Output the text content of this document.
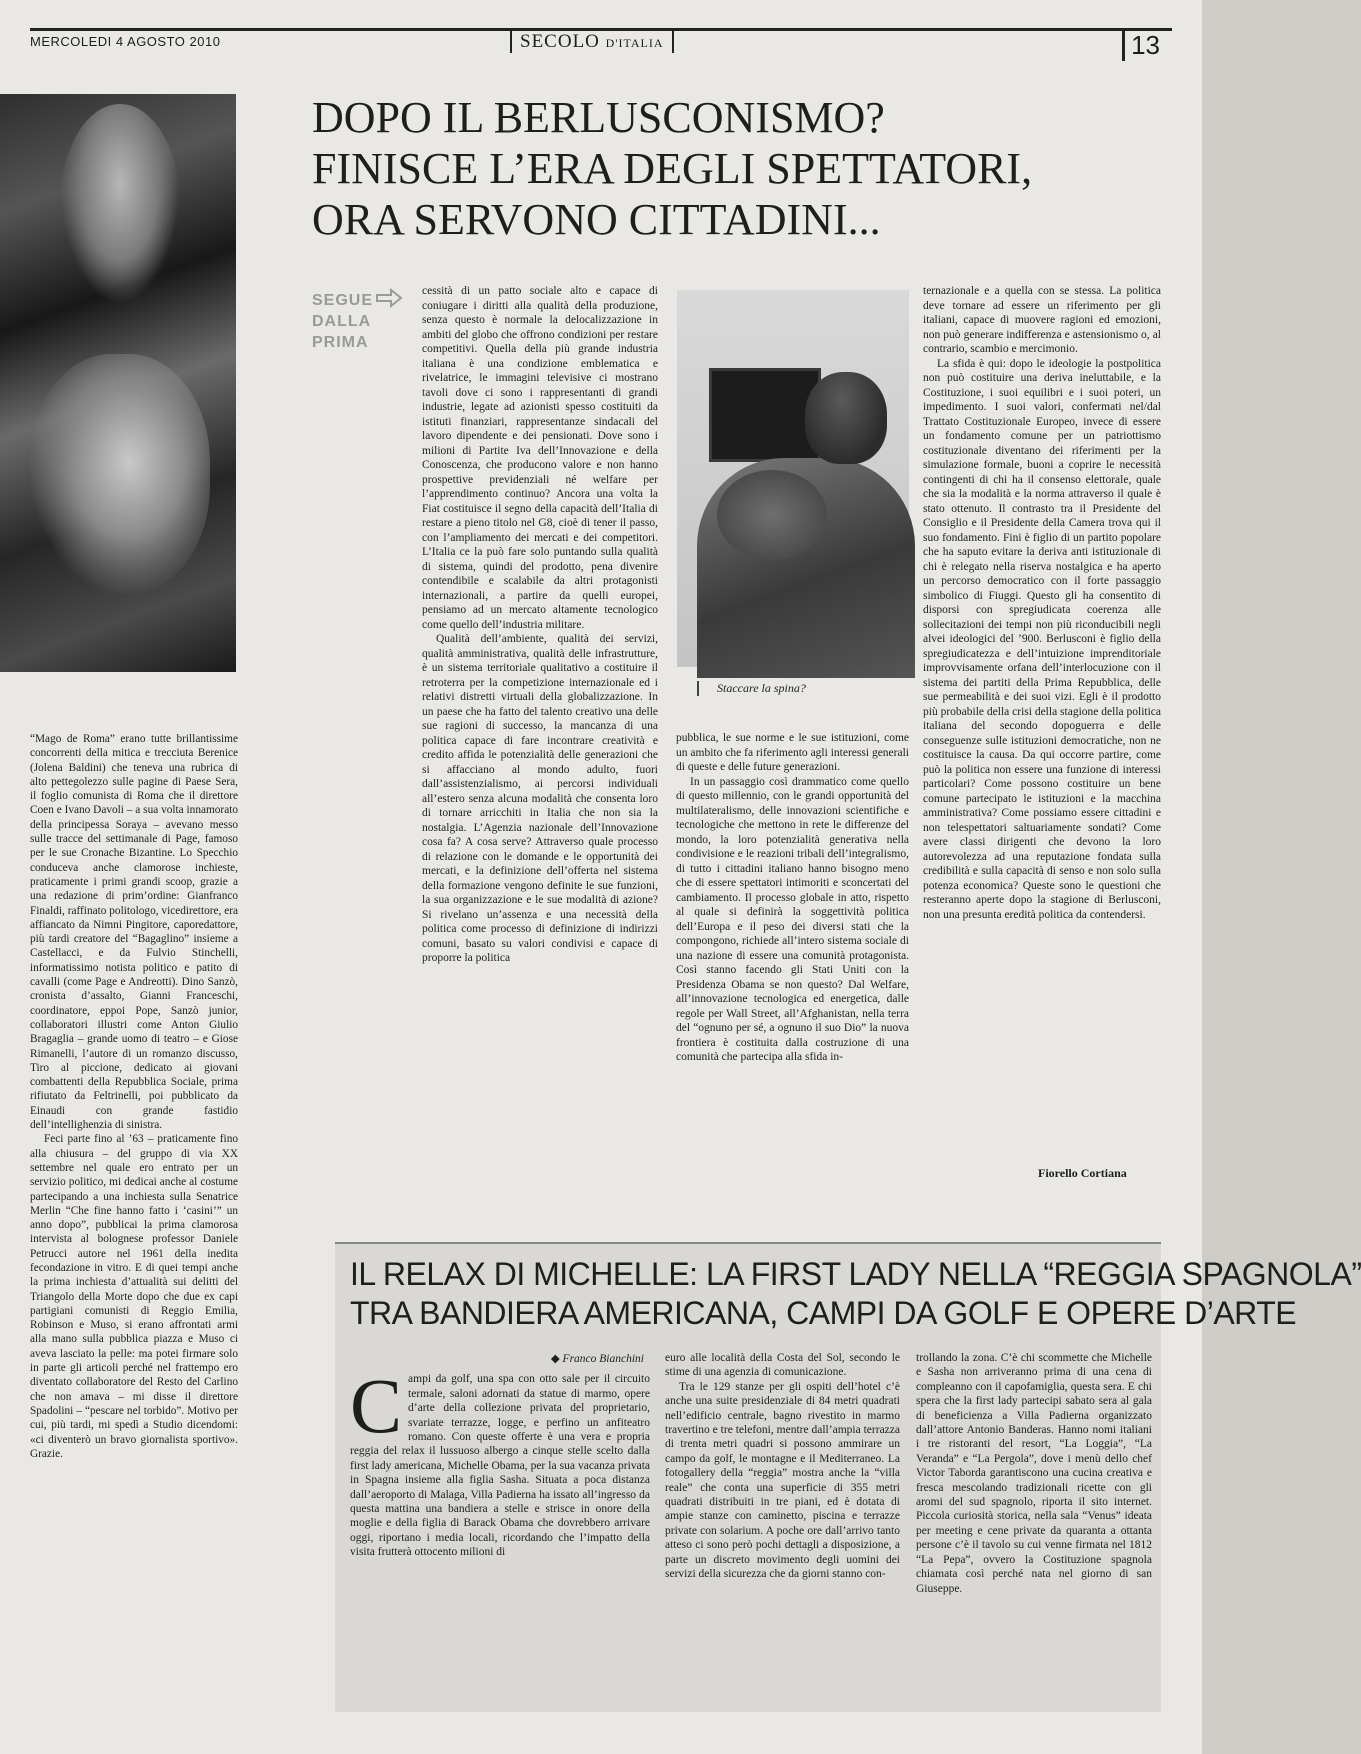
MERCOLEDI 4 AGOSTO 2010	SECOLO D'ITALIA	13
DOPO IL BERLUSCONISMO?
FINISCE L’ERA DEGLI SPETTATORI,
ORA SERVONO CITTADINI...
SEGUE DALLA PRIMA

cessità di un patto sociale alto e capace di coniugare i diritti alla qualità della produzione, senza questo è normale la delocalizzazione in ambiti del globo che offrono condizioni per restare competitivi. Quella della più grande industria italiana è una condizione emblematica e rivelatrice, le immagini televisive ci mostrano tavoli dove ci sono i rappresentanti di grandi industrie, legate ad azionisti spesso costituiti da istituti finanziari, rappresentanze sindacali del lavoro dipendente e dei pensionati. Dove sono i milioni di Partite Iva dell’Innovazione e della Conoscenza, che producono valore e non hanno prospettive previdenziali né welfare per l’apprendimento continuo? Ancora una volta la Fiat costituisce il segno della capacità dell’Italia di restare a pieno titolo nel G8, cioè di tener il passo, con l’ampliamento dei mercati e dei competitori. L’Italia ce la può fare solo puntando sulla qualità di sistema, quindi del prodotto, pena divenire contendibile e scalabile da altri protagonisti internazionali, a partire da quelli europei, pensiamo ad un mercato altamente tecnologico come quello dell’industria militare.

Qualità dell’ambiente, qualità dei servizi, qualità amministrativa, qualità delle infrastrutture, è un sistema territoriale qualitativo a costituire il retroterra per la competizione internazionale ed i relativi distretti virtuali della globalizzazione. In un paese che ha fatto del talento creativo una delle sue ragioni di successo, la mancanza di una politica capace di fare incontrare creatività e credito affida le potenzialità delle generazioni che si affacciano al mondo adulto, fuori dall’assistenzialismo, ai percorsi individuali all’estero senza alcuna modalità che consenta loro di tornare arricchiti in Italia che non sia la nostalgia. L’Agenzia nazionale dell’Innovazione cosa fa? A cosa serve? Attraverso quale processo di relazione con le domande e le opportunità dei mercati, e la definizione dell’offerta nel sistema della formazione vengono definite le sue funzioni, la sua organizzazione e le sue modalità di azione? Si rivelano un’assenza e una necessità della politica come processo di definizione di indirizzi comuni, basato su valori condivisi e capace di proporre la politica

Staccare la spina?

pubblica, le sue norme e le sue istituzioni, come un ambito che fa riferimento agli interessi generali di queste e delle future generazioni.

In un passaggio così drammatico come quello di questo millennio, con le grandi opportunità del multilateralismo, delle innovazioni scientifiche e tecnologiche che mettono in rete le differenze del mondo, la loro potenzialità generativa nella condivisione e le reazioni tribali dell’integralismo, di tutto i cittadini italiano hanno bisogno meno che di essere spettatori intimoriti e sconcertati del cambiamento. Il processo globale in atto, rispetto al quale si definirà la soggettività politica dell’Europa e il peso dei diversi stati che la compongono, richiede all’intero sistema sociale di una nazione di essere una comunità protagonista. Così stanno facendo gli Stati Uniti con la Presidenza Obama se non questo? Dal Welfare, all’innovazione tecnologica ed energetica, dalle regole per Wall Street, all’Afghanistan, nella terra del “ognuno per sé, a ognuno il suo Dio” la nuova frontiera è costituita dalla costruzione di una comunità che partecipa alla sfida in-

ternazionale e a quella con se stessa. La politica deve tornare ad essere un riferimento per gli italiani, capace di muovere ragioni ed emozioni, non può generare indifferenza e astensionismo o, al contrario, scambio e mercimonio.

La sfida è qui: dopo le ideologie la postpolitica non può costituire una deriva ineluttabile, e la Costituzione, i suoi equilibri e i suoi poteri, un impedimento. I suoi valori, confermati nel/dal Trattato Costituzionale Europeo, invece di essere un fondamento comune per un patriottismo costituzionale diventano dei riferimenti per la simulazione formale, buoni a coprire le necessità contingenti di chi ha il consenso elettorale, quale che sia la modalità e la norma attraverso il quale è stato ottenuto. Il contrasto tra il Presidente del Consiglio e il Presidente della Camera trova qui il suo fondamento. Fini è figlio di un partito popolare che ha saputo evitare la deriva anti istituzionale di chi è relegato nella riserva nostalgica e ha aperto un percorso democratico con il forte passaggio simbolico di Fiuggi. Questo gli ha consentito di disporsi con spregiudicata coerenza alle sollecitazioni dei tempi non più riconducibili negli alvei ideologici del ’900. Berlusconi è figlio della spregiudicatezza e dell’intuizione imprenditoriale improvvisamente orfana dell’interlocuzione con il sistema dei partiti della Prima Repubblica, delle sue permeabilità e dei suoi vizi. Egli è il prodotto più probabile della crisi della stagione della politica italiana del secondo dopoguerra e delle conseguenze sulle istituzioni democratiche, non ne costituisce la causa. Da qui occorre partire, come può la politica non essere una funzione di interessi particolari? Come possono costituire un bene comune partecipato le istituzioni e la macchina amministrativa? Come possiamo essere cittadini e non telespettatori saltuariamente sondati? Come avere classi dirigenti che devono la loro autorevolezza ad una reputazione fondata sulla credibilità e sulla capacità di senso e non solo sulla potenza economica? Queste sono le questioni che resteranno aperte dopo la stagione di Berlusconi, non una presunta eredità politica da contendersi.

Fiorello Cortiana

“Mago de Roma” erano tutte brillantissime concorrenti della mitica e trecciuta Berenice (Jolena Baldini) che teneva una rubrica di alto pettegolezzo sulle pagine di Paese Sera, il foglio comunista di Roma che il direttore Coen e Ivano Davoli – a sua volta innamorato della principessa Soraya – avevano messo sulle tracce del settimanale di Page, famoso per le sue Cronache Bizantine. Lo Specchio conduceva anche clamorose inchieste, praticamente i primi grandi scoop, grazie a una redazione di prim’ordine: Gianfranco Finaldi, raffinato politologo, vicedirettore, era affiancato da Nimni Pingitore, caporedattore, più tardi creatore del “Bagaglino” insieme a Castellacci, e da Fulvio Stinchelli, informatissimo notista politico e patito di cavalli (come Page e Andreotti). Dino Sanzò, cronista d’assalto, Gianni Franceschi, coordinatore, eppoi Pope, Sanzò junior, collaboratori illustri come Anton Giulio Bragaglia – grande uomo di teatro – e Giose Rimanelli, l’autore di un romanzo discusso, Tiro al piccione, dedicato ai giovani combattenti della Repubblica Sociale, prima rifiutato da Feltrinelli, poi pubblicato da Einaudi con grande fastidio dell’intellighenzia di sinistra.

Feci parte fino al ’63 – praticamente fino alla chiusura – del gruppo di via XX settembre nel quale ero entrato per un servizio politico, mi dedicai anche al costume partecipando a una inchiesta sulla Senatrice Merlin “Che fine hanno fatto i ‘casini’” un anno dopo”, pubblicai la prima clamorosa intervista al bolognese professor Daniele Petrucci autore nel 1961 della inedita fecondazione in vitro. E di quei tempi anche la prima inchiesta d’attualità sui delitti del Triangolo della Morte dopo che due ex capi partigiani comunisti di Reggio Emilia, Robinson e Muso, si erano affrontati armi alla mano sulla pubblica piazza e Muso ci aveva lasciato la pelle: ma potei firmare solo in parte gli articoli perché nel frattempo ero diventato collaboratore del Resto del Carlino che non amava – mi disse il direttore Spadolini – “pescare nel torbido”. Motivo per cui, più tardi, mi spedì a Studio dicendomi: «ci diventerò un bravo giornalista sportivo». Grazie.

IL RELAX DI MICHELLE: LA FIRST LADY NELLA “REGGIA SPAGNOLA”
TRA BANDIERA AMERICANA, CAMPI DA GOLF E OPERE D’ARTE

◆ Franco Bianchini

Campi da golf, una spa con otto sale per il circuito termale, saloni adornati da statue di marmo, opere d’arte della collezione privata del proprietario, svariate terrazze, logge, e perfino un anfiteatro romano. Con queste offerte è una vera e propria reggia del relax il lussuoso albergo a cinque stelle scelto dalla first lady americana, Michelle Obama, per la sua vacanza privata in Spagna insieme alla figlia Sasha. Situata a poca distanza dall’aeroporto di Malaga, Villa Padierna ha issato all’ingresso da questa mattina una bandiera a stelle e strisce in onore della moglie e della figlia di Barack Obama che dovrebbero arrivare oggi, riportano i media locali, ricordando che l’impatto della visita frutterà ottocento milioni di

euro alle località della Costa del Sol, secondo le stime di una agenzia di comunicazione.

Tra le 129 stanze per gli ospiti dell’hotel c’è anche una suite presidenziale di 84 metri quadrati nell’edificio centrale, bagno rivestito in marmo travertino e tre telefoni, mentre dall’ampia terrazza di trenta metri quadri si possono ammirare un campo da golf, le montagne e il Mediterraneo. La fotogallery della “reggia” mostra anche la “villa reale” che conta una superficie di 355 metri quadrati distribuiti in tre piani, ed è dotata di ampie stanze con caminetto, piscina e terrazze private con solarium. A poche ore dall’arrivo tanto atteso ci sono però pochi dettagli a disposizione, a parte un discreto movimento degli uomini dei servizi della sicurezza che da giorni stanno con-

trollando la zona. C’è chi scommette che Michelle e Sasha non arriveranno prima di una cena di compleanno con il capofamiglia, questa sera. E chi spera che la first lady partecipi sabato sera al gala di beneficienza a Villa Padierna organizzato dall’attore Antonio Banderas. Hanno nomi italiani i tre ristoranti del resort, “La Loggia”, “La Veranda” e “La Pergola”, dove i menù dello chef Victor Taborda garantiscono una cucina creativa e fresca mescolando tradizionali ricette con gli aromi del sud spagnolo, riporta il sito internet. Piccola curiosità storica, nella sala “Venus” ideata per meeting e cene private da quaranta a ottanta persone c’è il tavolo su cui venne firmata nel 1812 “La Pepa”, ovvero la Costituzione spagnola chiamata così perché nata nel giorno di san Giuseppe.
